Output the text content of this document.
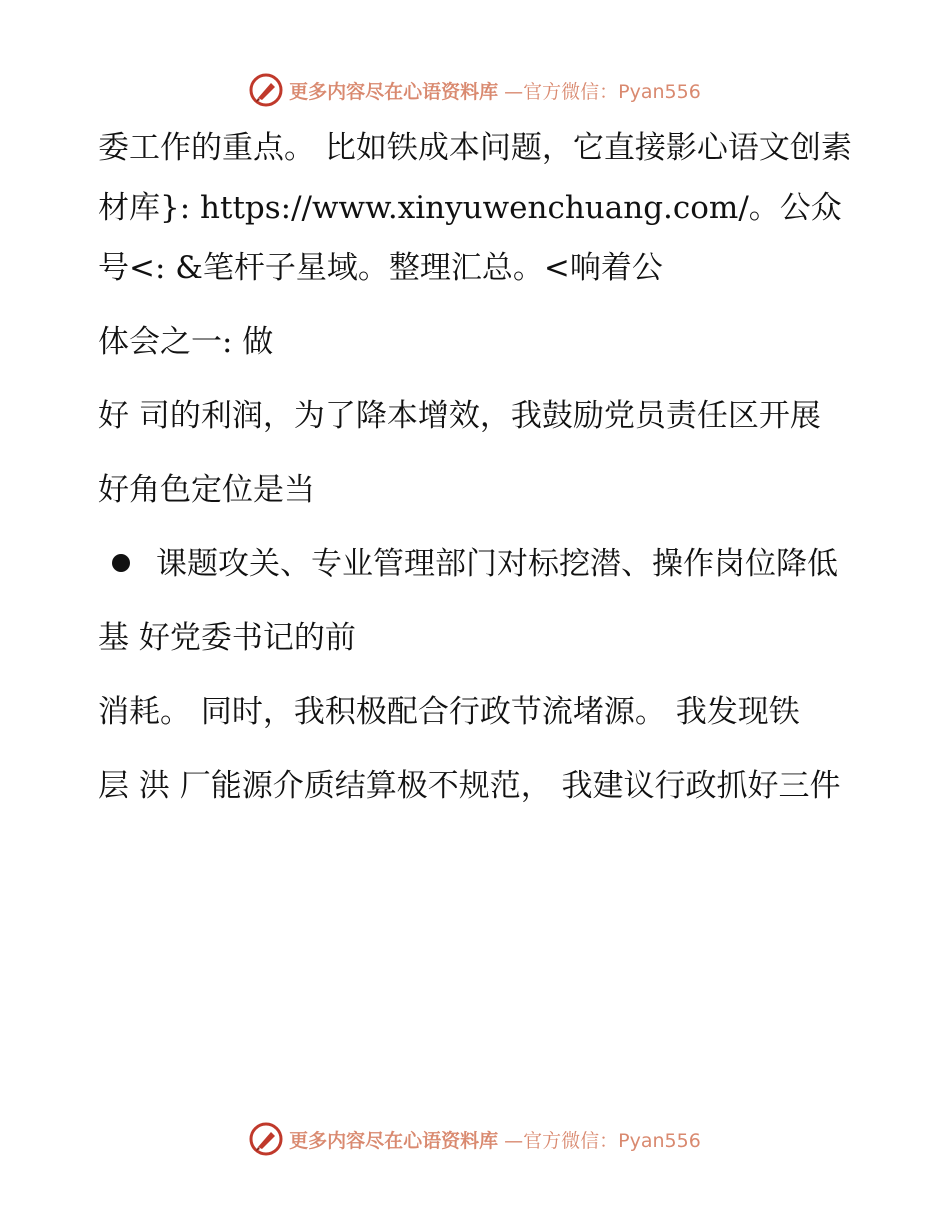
更多内容尽在心语资料库 —官方微信：Pyan556

委工作的重点。 比如铁成本问题，它直接影心语文创素材库}: https://www.xinyuwenchuang.com/。公众号<: &笔杆子星域。整理汇总。<响着公

体会之一: 做

好 司的利润，为了降本增效，我鼓励党员责任区开展

好角色定位是当

课题攻关、专业管理部门对标挖潜、操作岗位降低

基 好党委书记的前

消耗。 同时，我积极配合行政节流堵源。 我发现铁

层 洪 厂能源介质结算极不规范， 我建议行政抓好三件

更多内容尽在心语资料库 —官方微信：Pyan556
